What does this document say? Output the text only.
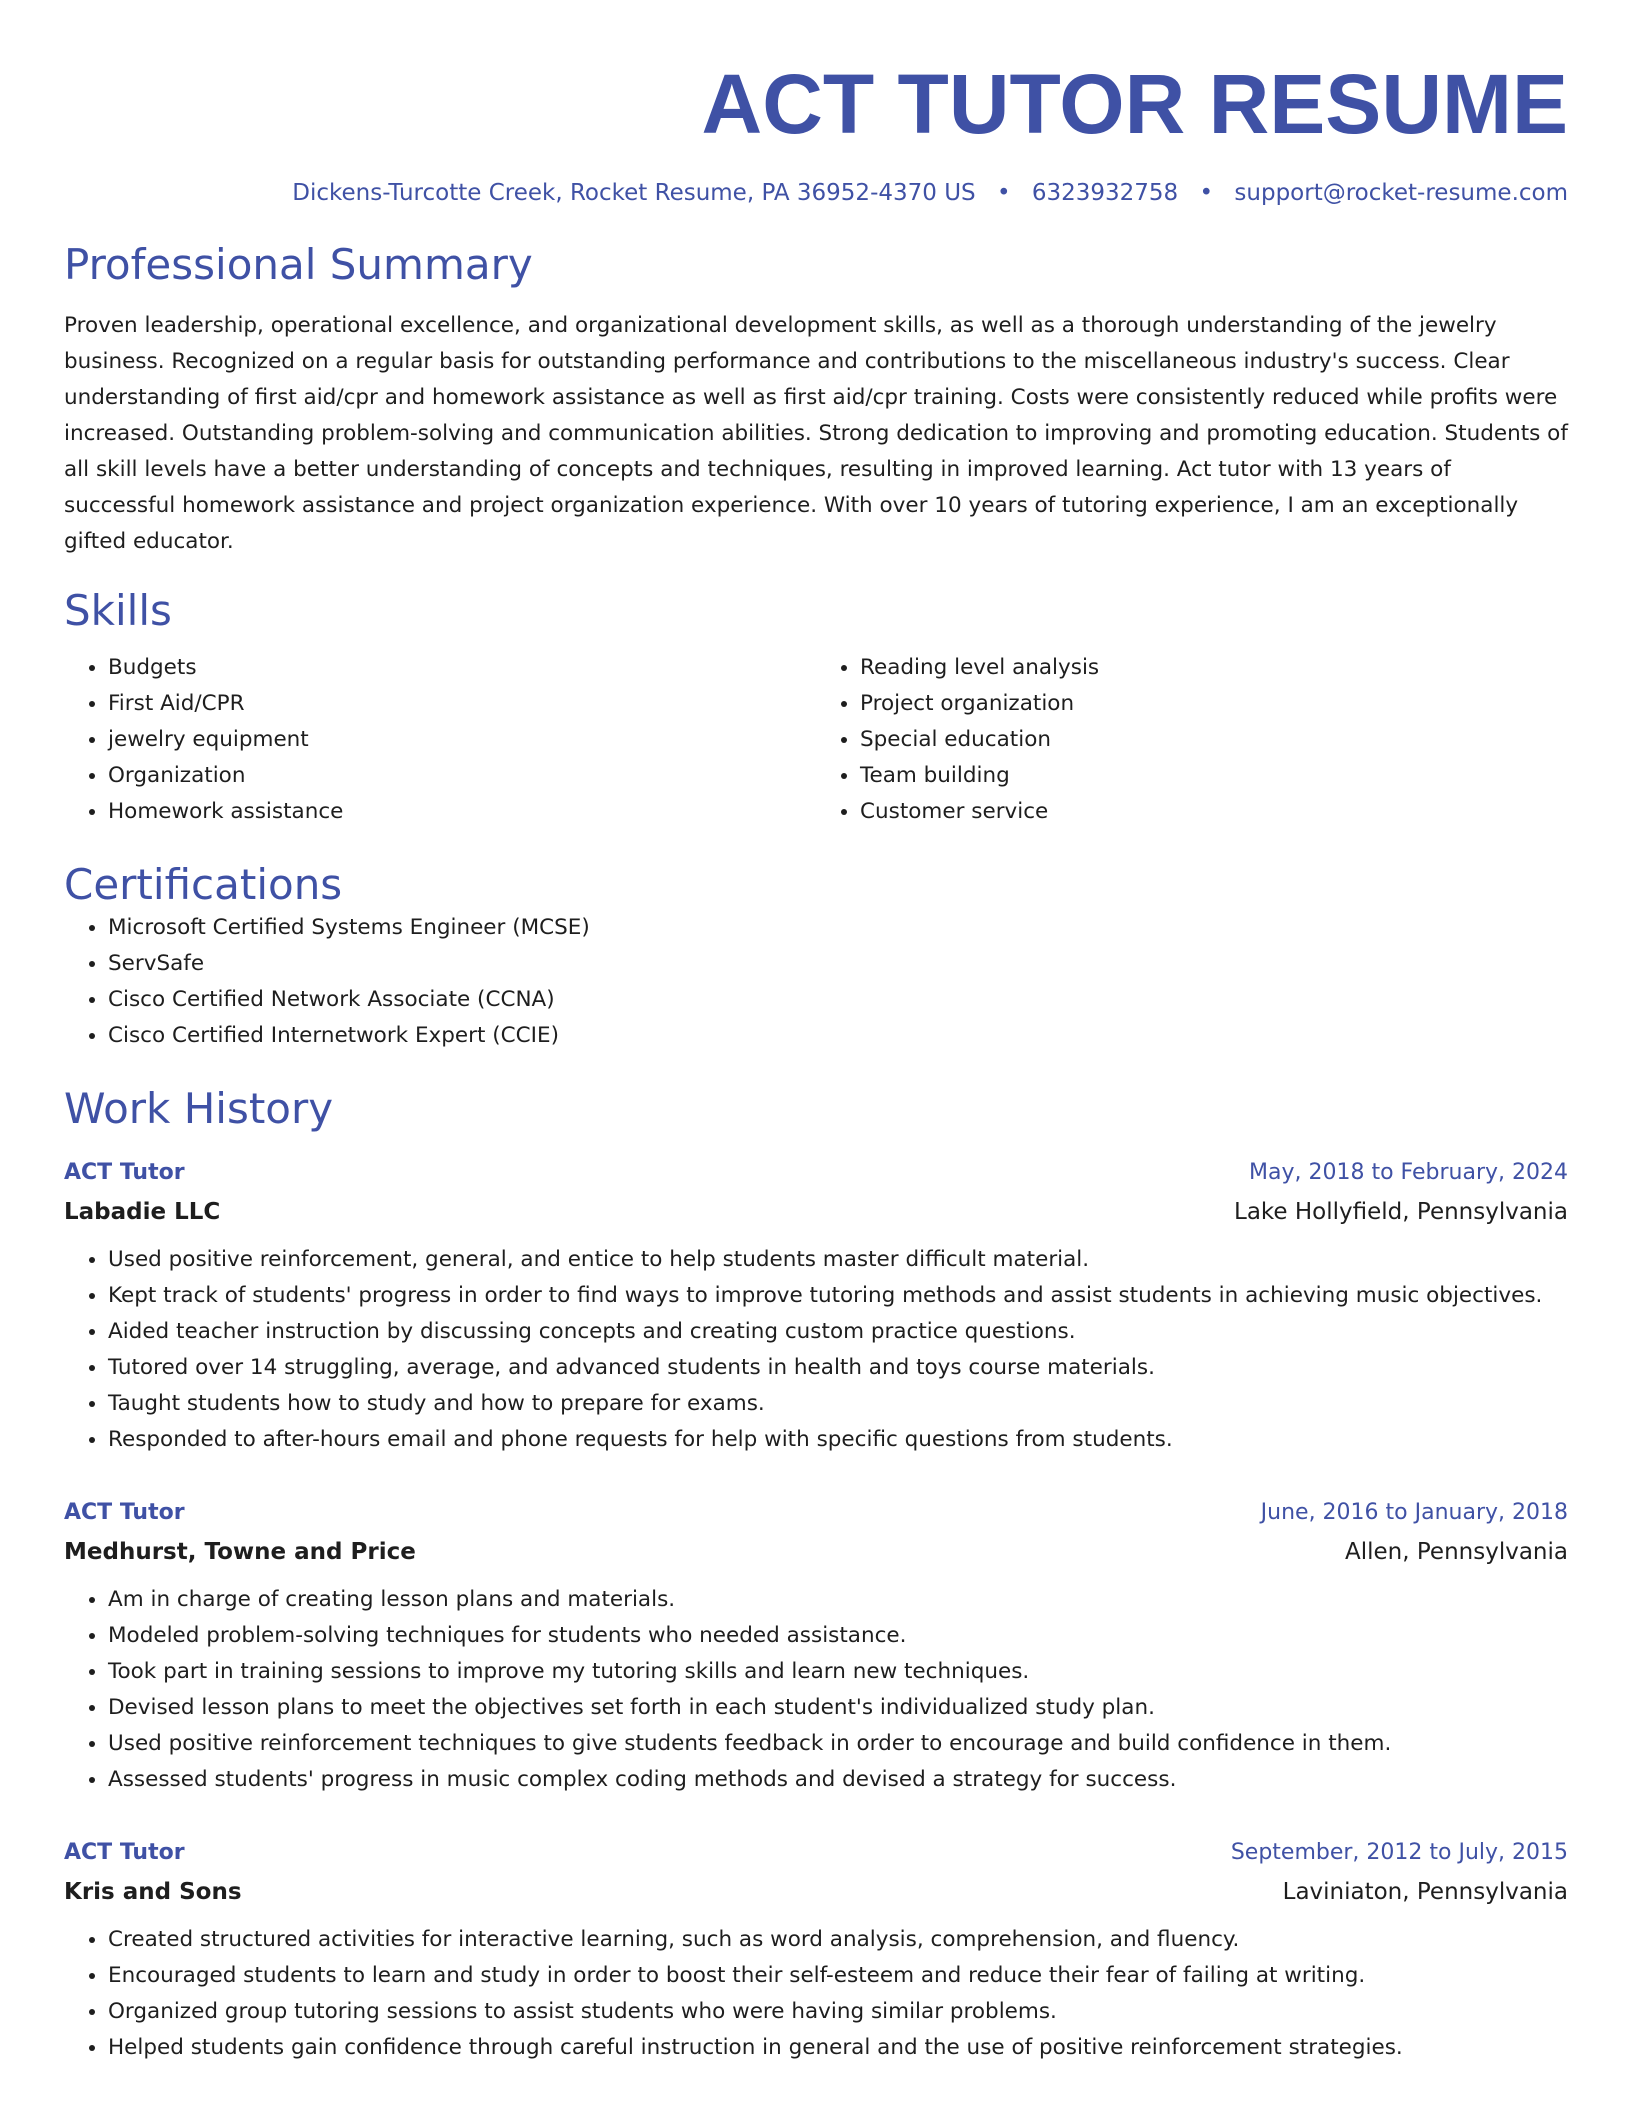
ACT TUTOR RESUME
Dickens-Turcotte Creek, Rocket Resume, PA 36952-4370 US • 6323932758 • support@rocket-resume.com
Professional Summary

Proven leadership, operational excellence, and organizational development skills, as well as a thorough understanding of the jewelry business. Recognized on a regular basis for outstanding performance and contributions to the miscellaneous industry's success. Clear understanding of first aid/cpr and homework assistance as well as first aid/cpr training. Costs were consistently reduced while profits were increased. Outstanding problem-solving and communication abilities. Strong dedication to improving and promoting education. Students of all skill levels have a better understanding of concepts and techniques, resulting in improved learning. Act tutor with 13 years of successful homework assistance and project organization experience. With over 10 years of tutoring experience, I am an exceptionally gifted educator.

Skills
• Budgets
• First Aid/CPR
• jewelry equipment
• Organization
• Homework assistance
• Reading level analysis
• Project organization
• Special education
• Team building
• Customer service
Certifications
• Microsoft Certified Systems Engineer (MCSE)
• ServSafe
• Cisco Certified Network Associate (CCNA)
• Cisco Certified Internetwork Expert (CCIE)
Work History
ACT Tutor	May, 2018 to February, 2024
Labadie LLC	Lake Hollyfield, Pennsylvania
• Used positive reinforcement, general, and entice to help students master difficult material.
• Kept track of students' progress in order to find ways to improve tutoring methods and assist students in achieving music objectives.
• Aided teacher instruction by discussing concepts and creating custom practice questions.
• Tutored over 14 struggling, average, and advanced students in health and toys course materials.
• Taught students how to study and how to prepare for exams.
• Responded to after-hours email and phone requests for help with specific questions from students.
ACT Tutor	June, 2016 to January, 2018
Medhurst, Towne and Price	Allen, Pennsylvania
• Am in charge of creating lesson plans and materials.
• Modeled problem-solving techniques for students who needed assistance.
• Took part in training sessions to improve my tutoring skills and learn new techniques.
• Devised lesson plans to meet the objectives set forth in each student's individualized study plan.
• Used positive reinforcement techniques to give students feedback in order to encourage and build confidence in them.
• Assessed students' progress in music complex coding methods and devised a strategy for success.
ACT Tutor	September, 2012 to July, 2015
Kris and Sons	Laviniaton, Pennsylvania
• Created structured activities for interactive learning, such as word analysis, comprehension, and fluency.
• Encouraged students to learn and study in order to boost their self-esteem and reduce their fear of failing at writing.
• Organized group tutoring sessions to assist students who were having similar problems.
• Helped students gain confidence through careful instruction in general and the use of positive reinforcement strategies.
